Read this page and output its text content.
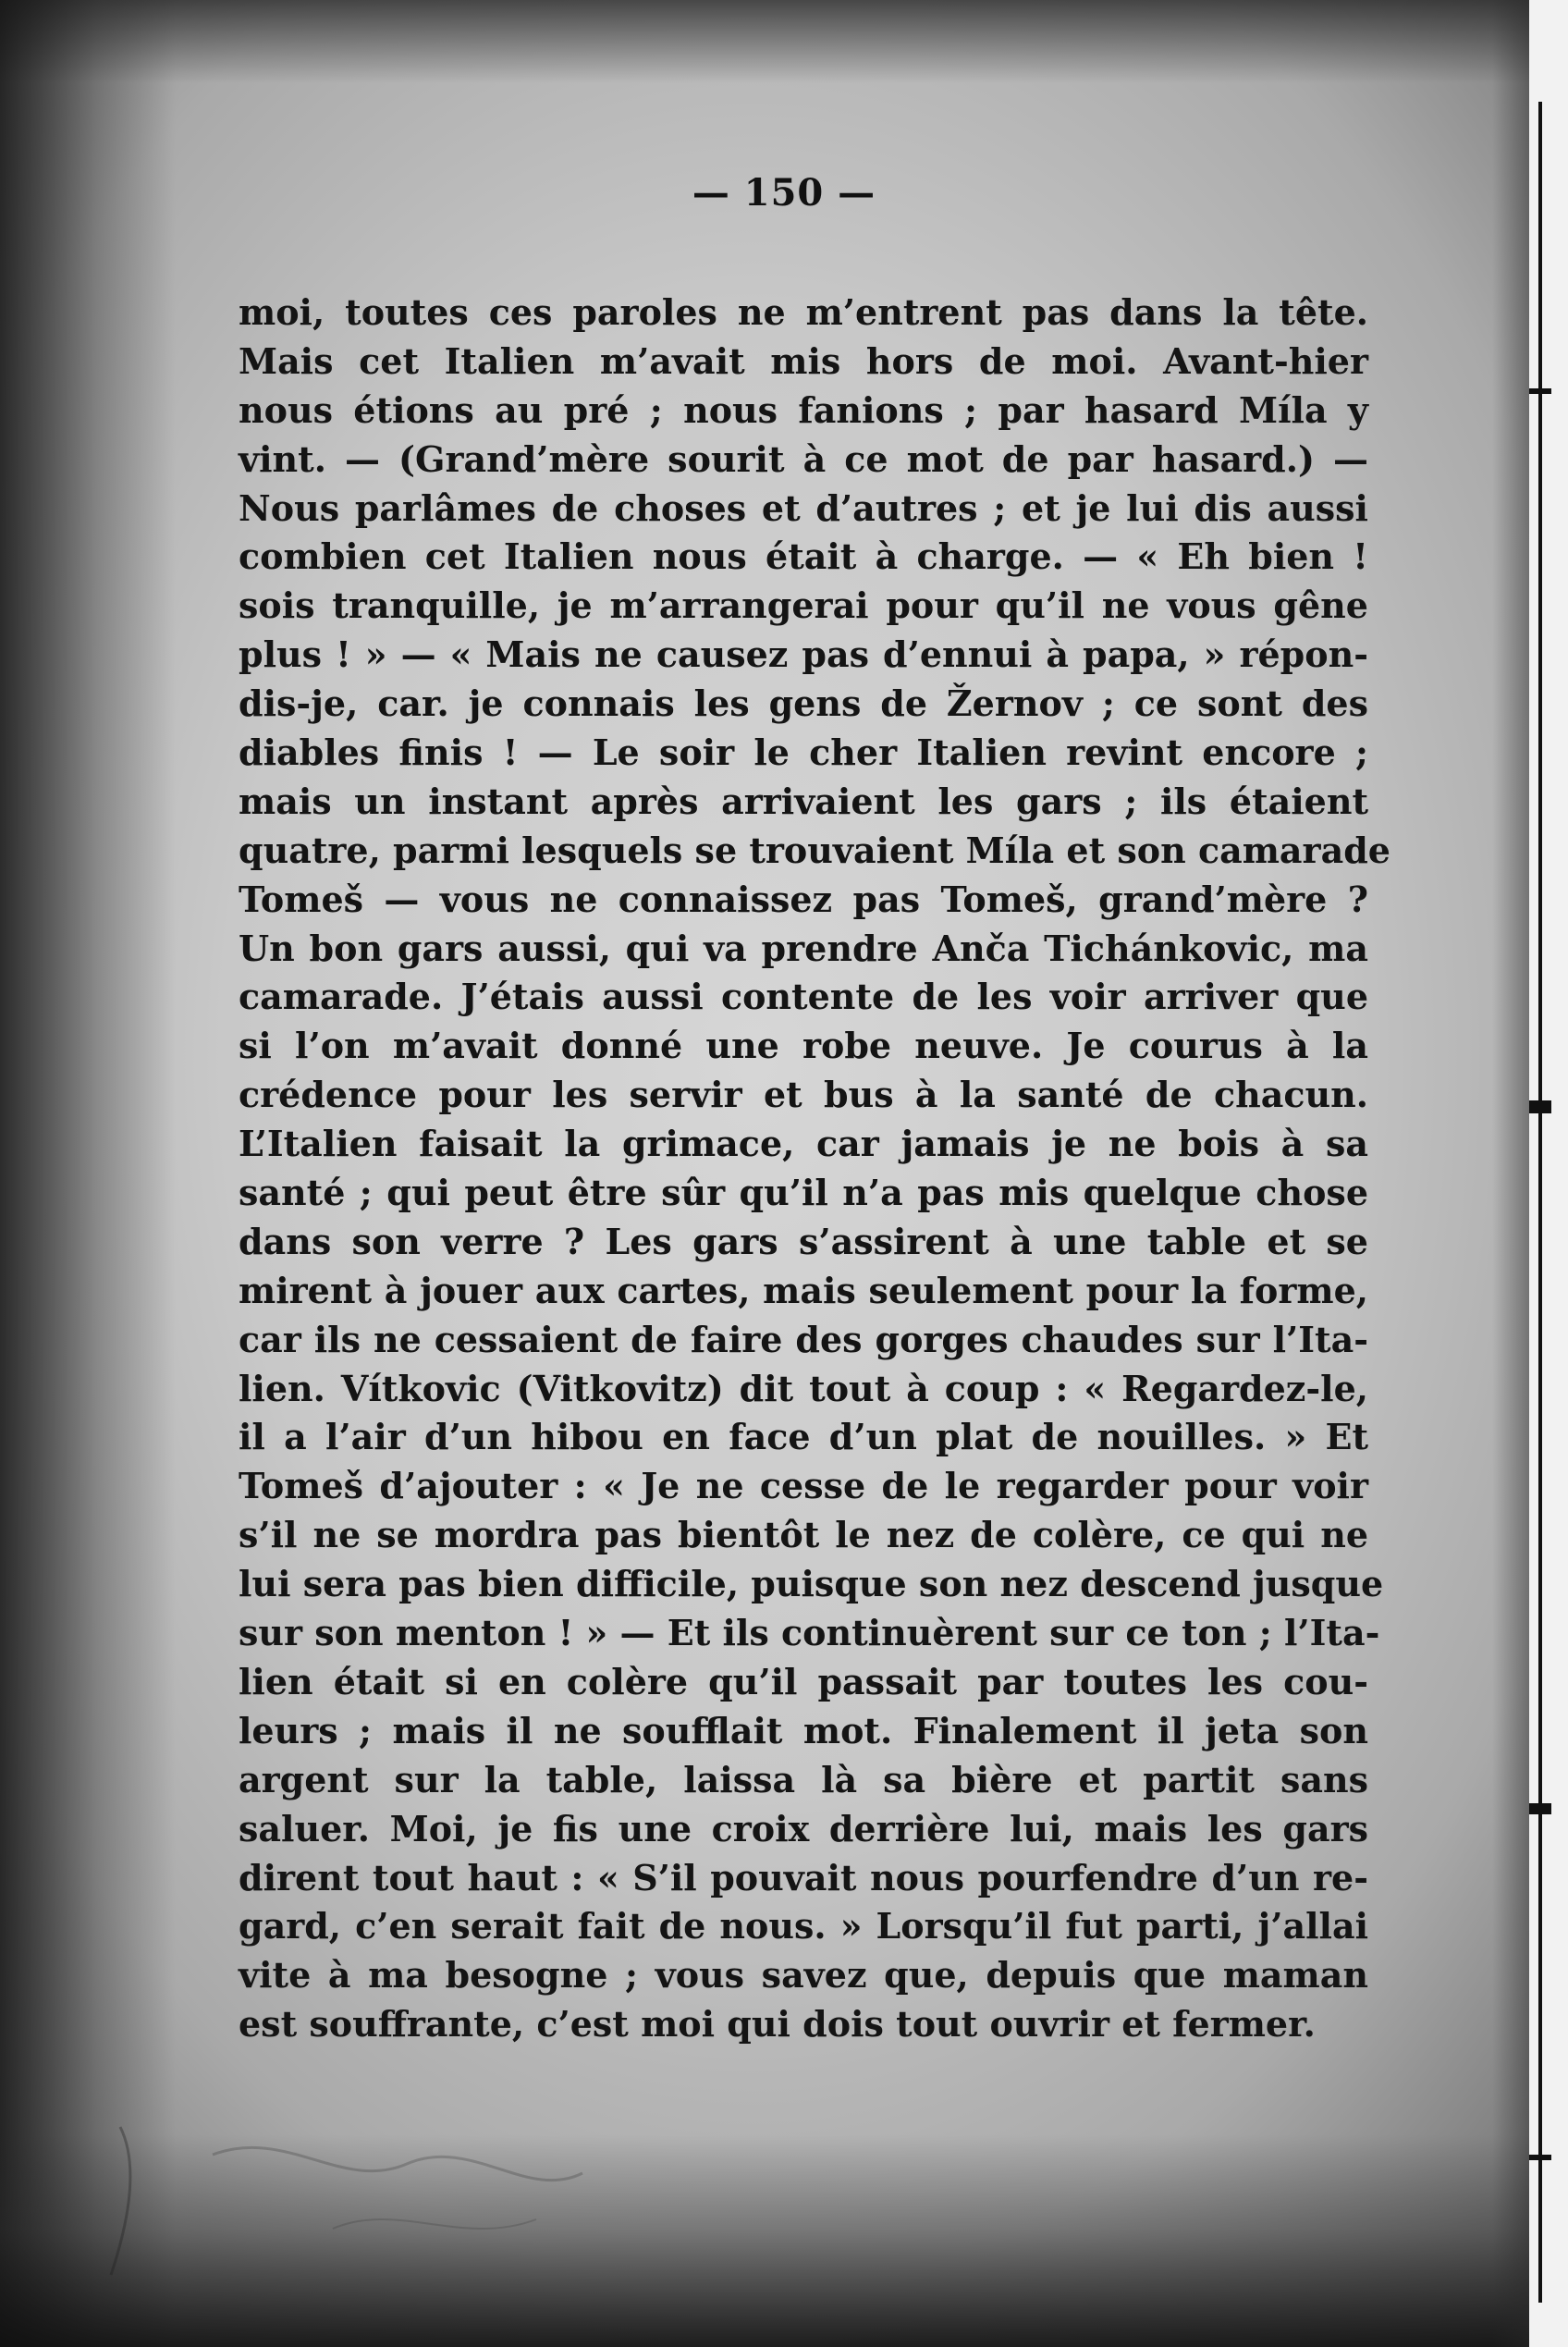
— 150 —
moi, toutes ces paroles ne m’entrent pas dans la tête.
Mais cet Italien m’avait mis hors de moi. Avant-hier
nous étions au pré ; nous fanions ; par hasard Míla y
vint. — (Grand’mère sourit à ce mot de par hasard.) —
Nous parlâmes de choses et d’autres ; et je lui dis aussi
combien cet Italien nous était à charge. — « Eh bien !
sois tranquille, je m’arrangerai pour qu’il ne vous gêne
plus ! » — « Mais ne causez pas d’ennui à papa, » répon-
dis-je, car. je connais les gens de Žernov ; ce sont des
diables finis ! — Le soir le cher Italien revint encore ;
mais un instant après arrivaient les gars ; ils étaient
quatre, parmi lesquels se trouvaient Míla et son camarade
Tomeš — vous ne connaissez pas Tomeš, grand’mère ?
Un bon gars aussi, qui va prendre Anča Tichánkovic, ma
camarade. J’étais aussi contente de les voir arriver que
si l’on m’avait donné une robe neuve. Je courus à la
crédence pour les servir et bus à la santé de chacun.
L’Italien faisait la grimace, car jamais je ne bois à sa
santé ; qui peut être sûr qu’il n’a pas mis quelque chose
dans son verre ? Les gars s’assirent à une table et se
mirent à jouer aux cartes, mais seulement pour la forme,
car ils ne cessaient de faire des gorges chaudes sur l’Ita-
lien. Vítkovic (Vitkovitz) dit tout à coup : « Regardez-le,
il a l’air d’un hibou en face d’un plat de nouilles. » Et
Tomeš d’ajouter : « Je ne cesse de le regarder pour voir
s’il ne se mordra pas bientôt le nez de colère, ce qui ne
lui sera pas bien difficile, puisque son nez descend jusque
sur son menton ! » — Et ils continuèrent sur ce ton ; l’Ita-
lien était si en colère qu’il passait par toutes les cou-
leurs ; mais il ne soufflait mot. Finalement il jeta son
argent sur la table, laissa là sa bière et partit sans
saluer. Moi, je fis une croix derrière lui, mais les gars
dirent tout haut : « S’il pouvait nous pourfendre d’un re-
gard, c’en serait fait de nous. » Lorsqu’il fut parti, j’allai
vite à ma besogne ; vous savez que, depuis que maman
est souffrante, c’est moi qui dois tout ouvrir et fermer.
